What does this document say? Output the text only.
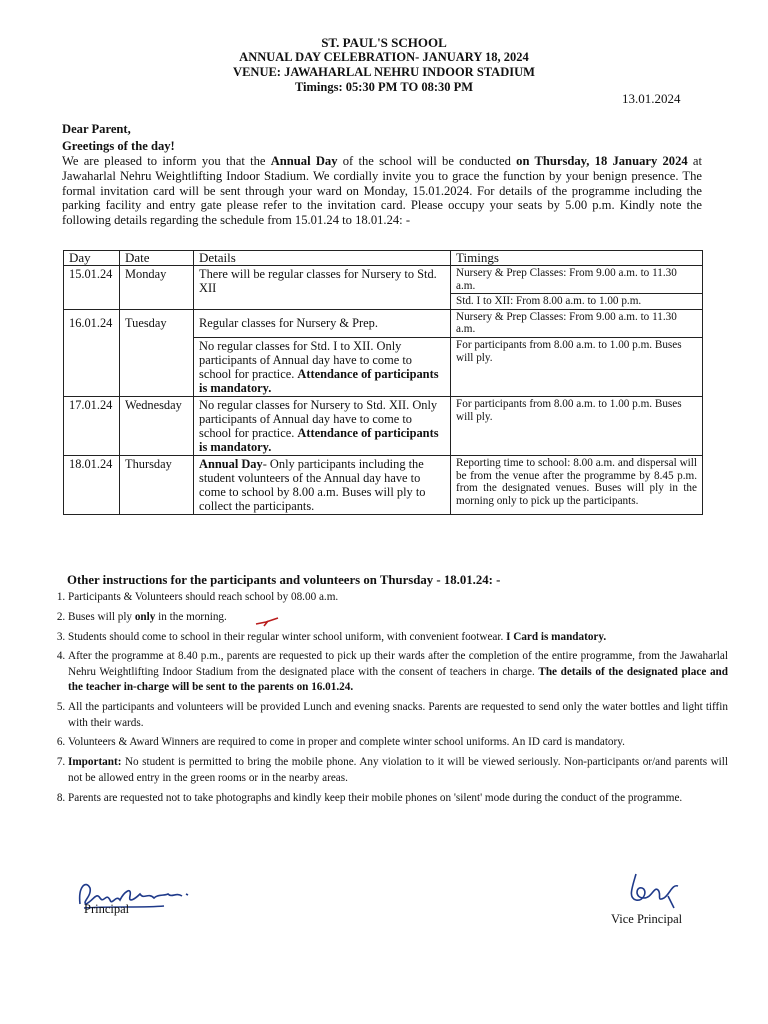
ST. PAUL'S SCHOOL
ANNUAL DAY CELEBRATION- JANUARY 18, 2024
VENUE: JAWAHARLAL NEHRU INDOOR STADIUM
Timings: 05:30 PM TO 08:30 PM
13.01.2024
Dear Parent,
Greetings of the day!
We are pleased to inform you that the Annual Day of the school will be conducted on Thursday, 18 January 2024 at Jawaharlal Nehru Weightlifting Indoor Stadium. We cordially invite you to grace the function by your benign presence. The formal invitation card will be sent through your ward on Monday, 15.01.2024. For details of the programme including the parking facility and entry gate please refer to the invitation card. Please occupy your seats by 5.00 p.m. Kindly note the following details regarding the schedule from 15.01.24 to 18.01.24: -
Day	Date	Details	Timings
15.01.24	Monday	There will be regular classes for Nursery to Std. XII	Nursery & Prep Classes: From 9.00 a.m. to 11.30 a.m.
			Std. I to XII: From 8.00 a.m. to 1.00 p.m.
16.01.24	Tuesday	Regular classes for Nursery & Prep.	Nursery & Prep Classes: From 9.00 a.m. to 11.30 a.m.
		No regular classes for Std. I to XII. Only participants of Annual day have to come to school for practice. Attendance of participants is mandatory.	For participants from 8.00 a.m. to 1.00 p.m. Buses will ply.
17.01.24	Wednesday	No regular classes for Nursery to Std. XII. Only participants of Annual day have to come to school for practice. Attendance of participants is mandatory.	For participants from 8.00 a.m. to 1.00 p.m. Buses will ply.
18.01.24	Thursday	Annual Day- Only participants including the student volunteers of the Annual day have to come to school by 8.00 a.m. Buses will ply to collect the participants.	Reporting time to school: 8.00 a.m. and dispersal will be from the venue after the programme by 8.45 p.m. from the designated venues. Buses will ply in the morning only to pick up the participants.
Other instructions for the participants and volunteers on Thursday - 18.01.24: -
1. Participants & Volunteers should reach school by 08.00 a.m.
2. Buses will ply only in the morning.
3. Students should come to school in their regular winter school uniform, with convenient footwear. I Card is mandatory.
4. After the programme at 8.40 p.m., parents are requested to pick up their wards after the completion of the entire programme, from the Jawaharlal Nehru Weightlifting Indoor Stadium from the designated place with the consent of teachers in charge. The details of the designated place and the teacher in-charge will be sent to the parents on 16.01.24.
5. All the participants and volunteers will be provided Lunch and evening snacks. Parents are requested to send only the water bottles and light tiffin with their wards.
6. Volunteers & Award Winners are required to come in proper and complete winter school uniforms. An ID card is mandatory.
7. Important: No student is permitted to bring the mobile phone. Any violation to it will be viewed seriously. Non-participants or/and parents will not be allowed entry in the green rooms or in the nearby areas.
8. Parents are requested not to take photographs and kindly keep their mobile phones on 'silent' mode during the conduct of the programme.
Principal
Vice Principal
